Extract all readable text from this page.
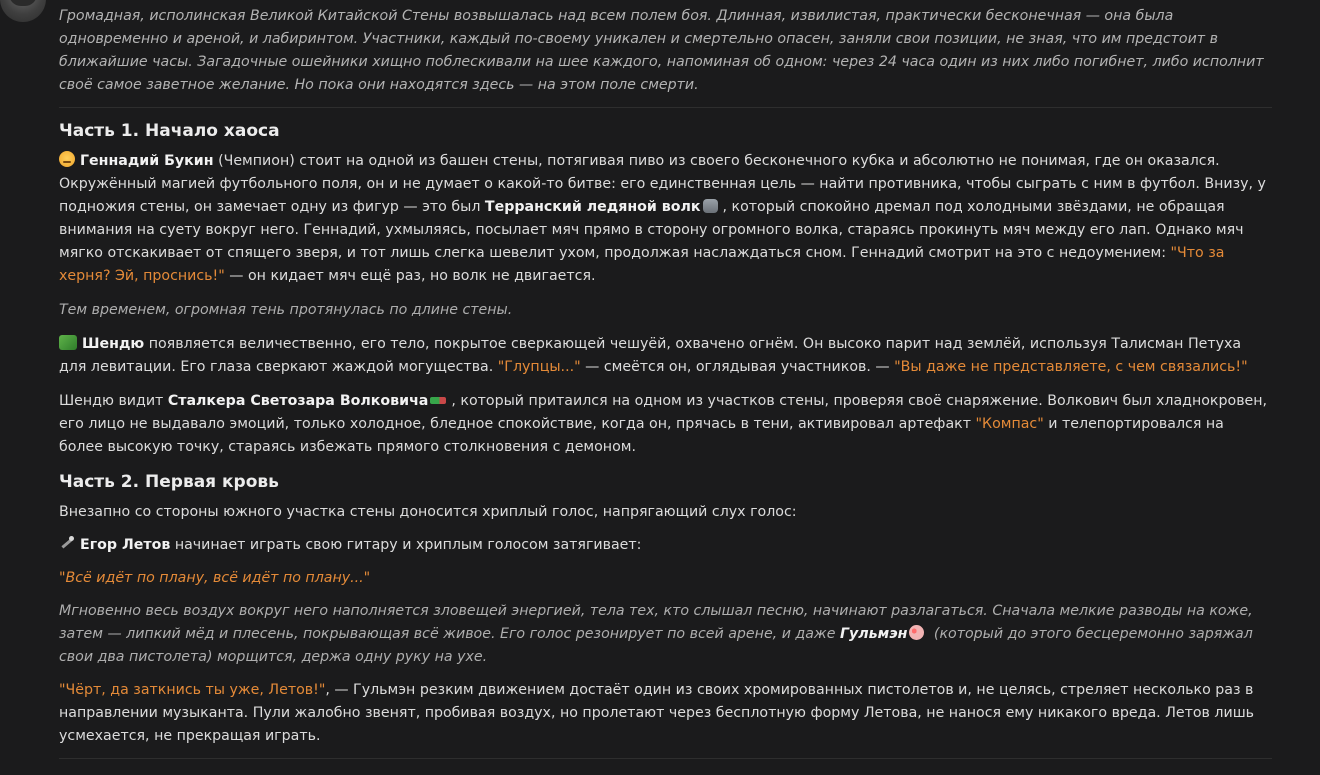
Громадная, исполинская Великой Китайской Стены возвышалась над всем полем боя. Длинная, извилистая, практически бесконечная — она была одновременно и ареной, и лабиринтом. Участники, каждый по-своему уникален и смертельно опасен, заняли свои позиции, не зная, что им предстоит в ближайшие часы. Загадочные ошейники хищно поблескивали на шее каждого, напоминая об одном: через 24 часа один из них либо погибнет, либо исполнит своё самое заветное желание. Но пока они находятся здесь — на этом поле смерти.

Часть 1. Начало хаоса

Геннадий Букин (Чемпион) стоит на одной из башен стены, потягивая пиво из своего бесконечного кубка и абсолютно не понимая, где он оказался. Окружённый магией футбольного поля, он и не думает о какой-то битве: его единственная цель — найти противника, чтобы сыграть с ним в футбол. Внизу, у подножия стены, он замечает одну из фигур — это был Терранский ледяной волк , который спокойно дремал под холодными звёздами, не обращая внимания на суету вокруг него. Геннадий, ухмыляясь, посылает мяч прямо в сторону огромного волка, стараясь прокинуть мяч между его лап. Однако мяч мягко отскакивает от спящего зверя, и тот лишь слегка шевелит ухом, продолжая наслаждаться сном. Геннадий смотрит на это с недоумением: "Что за херня? Эй, проснись!" — он кидает мяч ещё раз, но волк не двигается.

Тем временем, огромная тень протянулась по длине стены.

Шендю появляется величественно, его тело, покрытое сверкающей чешуёй, охвачено огнём. Он высоко парит над землёй, используя Талисман Петуха для левитации. Его глаза сверкают жаждой могущества. "Глупцы..." — смеётся он, оглядывая участников. — "Вы даже не представляете, с чем связались!"

Шендю видит Сталкера Светозара Волковича , который притаился на одном из участков стены, проверяя своё снаряжение. Волкович был хладнокровен, его лицо не выдавало эмоций, только холодное, бледное спокойствие, когда он, прячась в тени, активировал артефакт "Компас" и телепортировался на более высокую точку, стараясь избежать прямого столкновения с демоном.

Часть 2. Первая кровь

Внезапно со стороны южного участка стены доносится хриплый голос, напрягающий слух голос:

Егор Летов начинает играть свою гитару и хриплым голосом затягивает:

"Всё идёт по плану, всё идёт по плану..."

Мгновенно весь воздух вокруг него наполняется зловещей энергией, тела тех, кто слышал песню, начинают разлагаться. Сначала мелкие разводы на коже, затем — липкий мёд и плесень, покрывающая всё живое. Его голос резонирует по всей арене, и даже Гульмэн (который до этого бесцеремонно заряжал свои два пистолета) морщится, держа одну руку на ухе.

"Чёрт, да заткнись ты уже, Летов!", — Гульмэн резким движением достаёт один из своих хромированных пистолетов и, не целясь, стреляет несколько раз в направлении музыканта. Пули жалобно звенят, пробивая воздух, но пролетают через бесплотную форму Летова, не нанося ему никакого вреда. Летов лишь усмехается, не прекращая играть.
